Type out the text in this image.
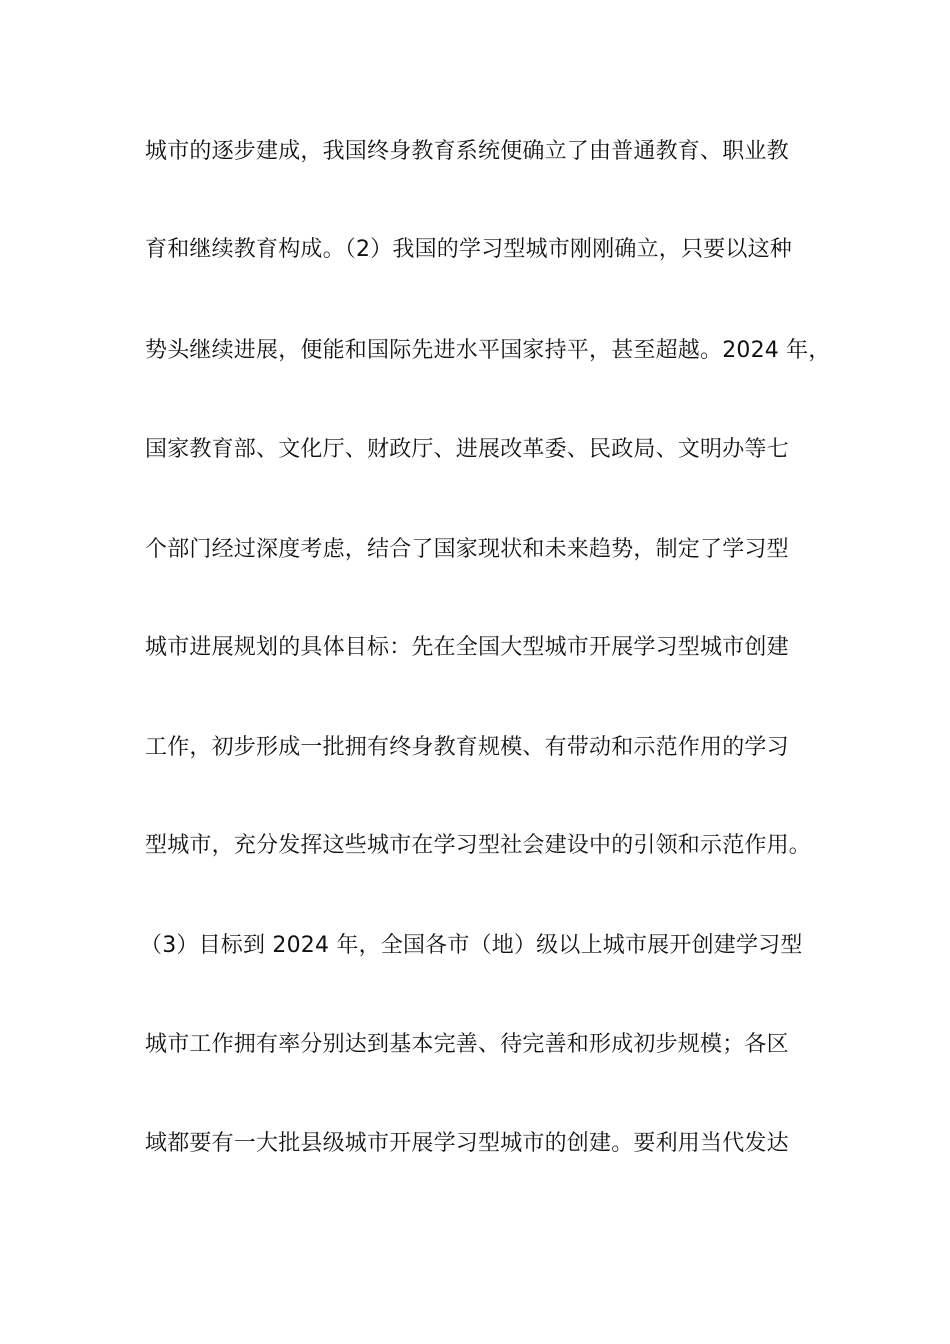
城市的逐步建成，我国终身教育系统便确立了由普通教育、职业教
育和继续教育构成。（2）我国的学习型城市刚刚确立，只要以这种
势头继续进展，便能和国际先进水平国家持平，甚至超越。2024 年，
国家教育部、文化厅、财政厅、进展改革委、民政局、文明办等七
个部门经过深度考虑，结合了国家现状和未来趋势，制定了学习型
城市进展规划的具体目标：先在全国大型城市开展学习型城市创建
工作，初步形成一批拥有终身教育规模、有带动和示范作用的学习
型城市，充分发挥这些城市在学习型社会建设中的引领和示范作用。
（3）目标到 2024 年，全国各市（地）级以上城市展开创建学习型
城市工作拥有率分别达到基本完善、待完善和形成初步规模；各区
域都要有一大批县级城市开展学习型城市的创建。要利用当代发达
